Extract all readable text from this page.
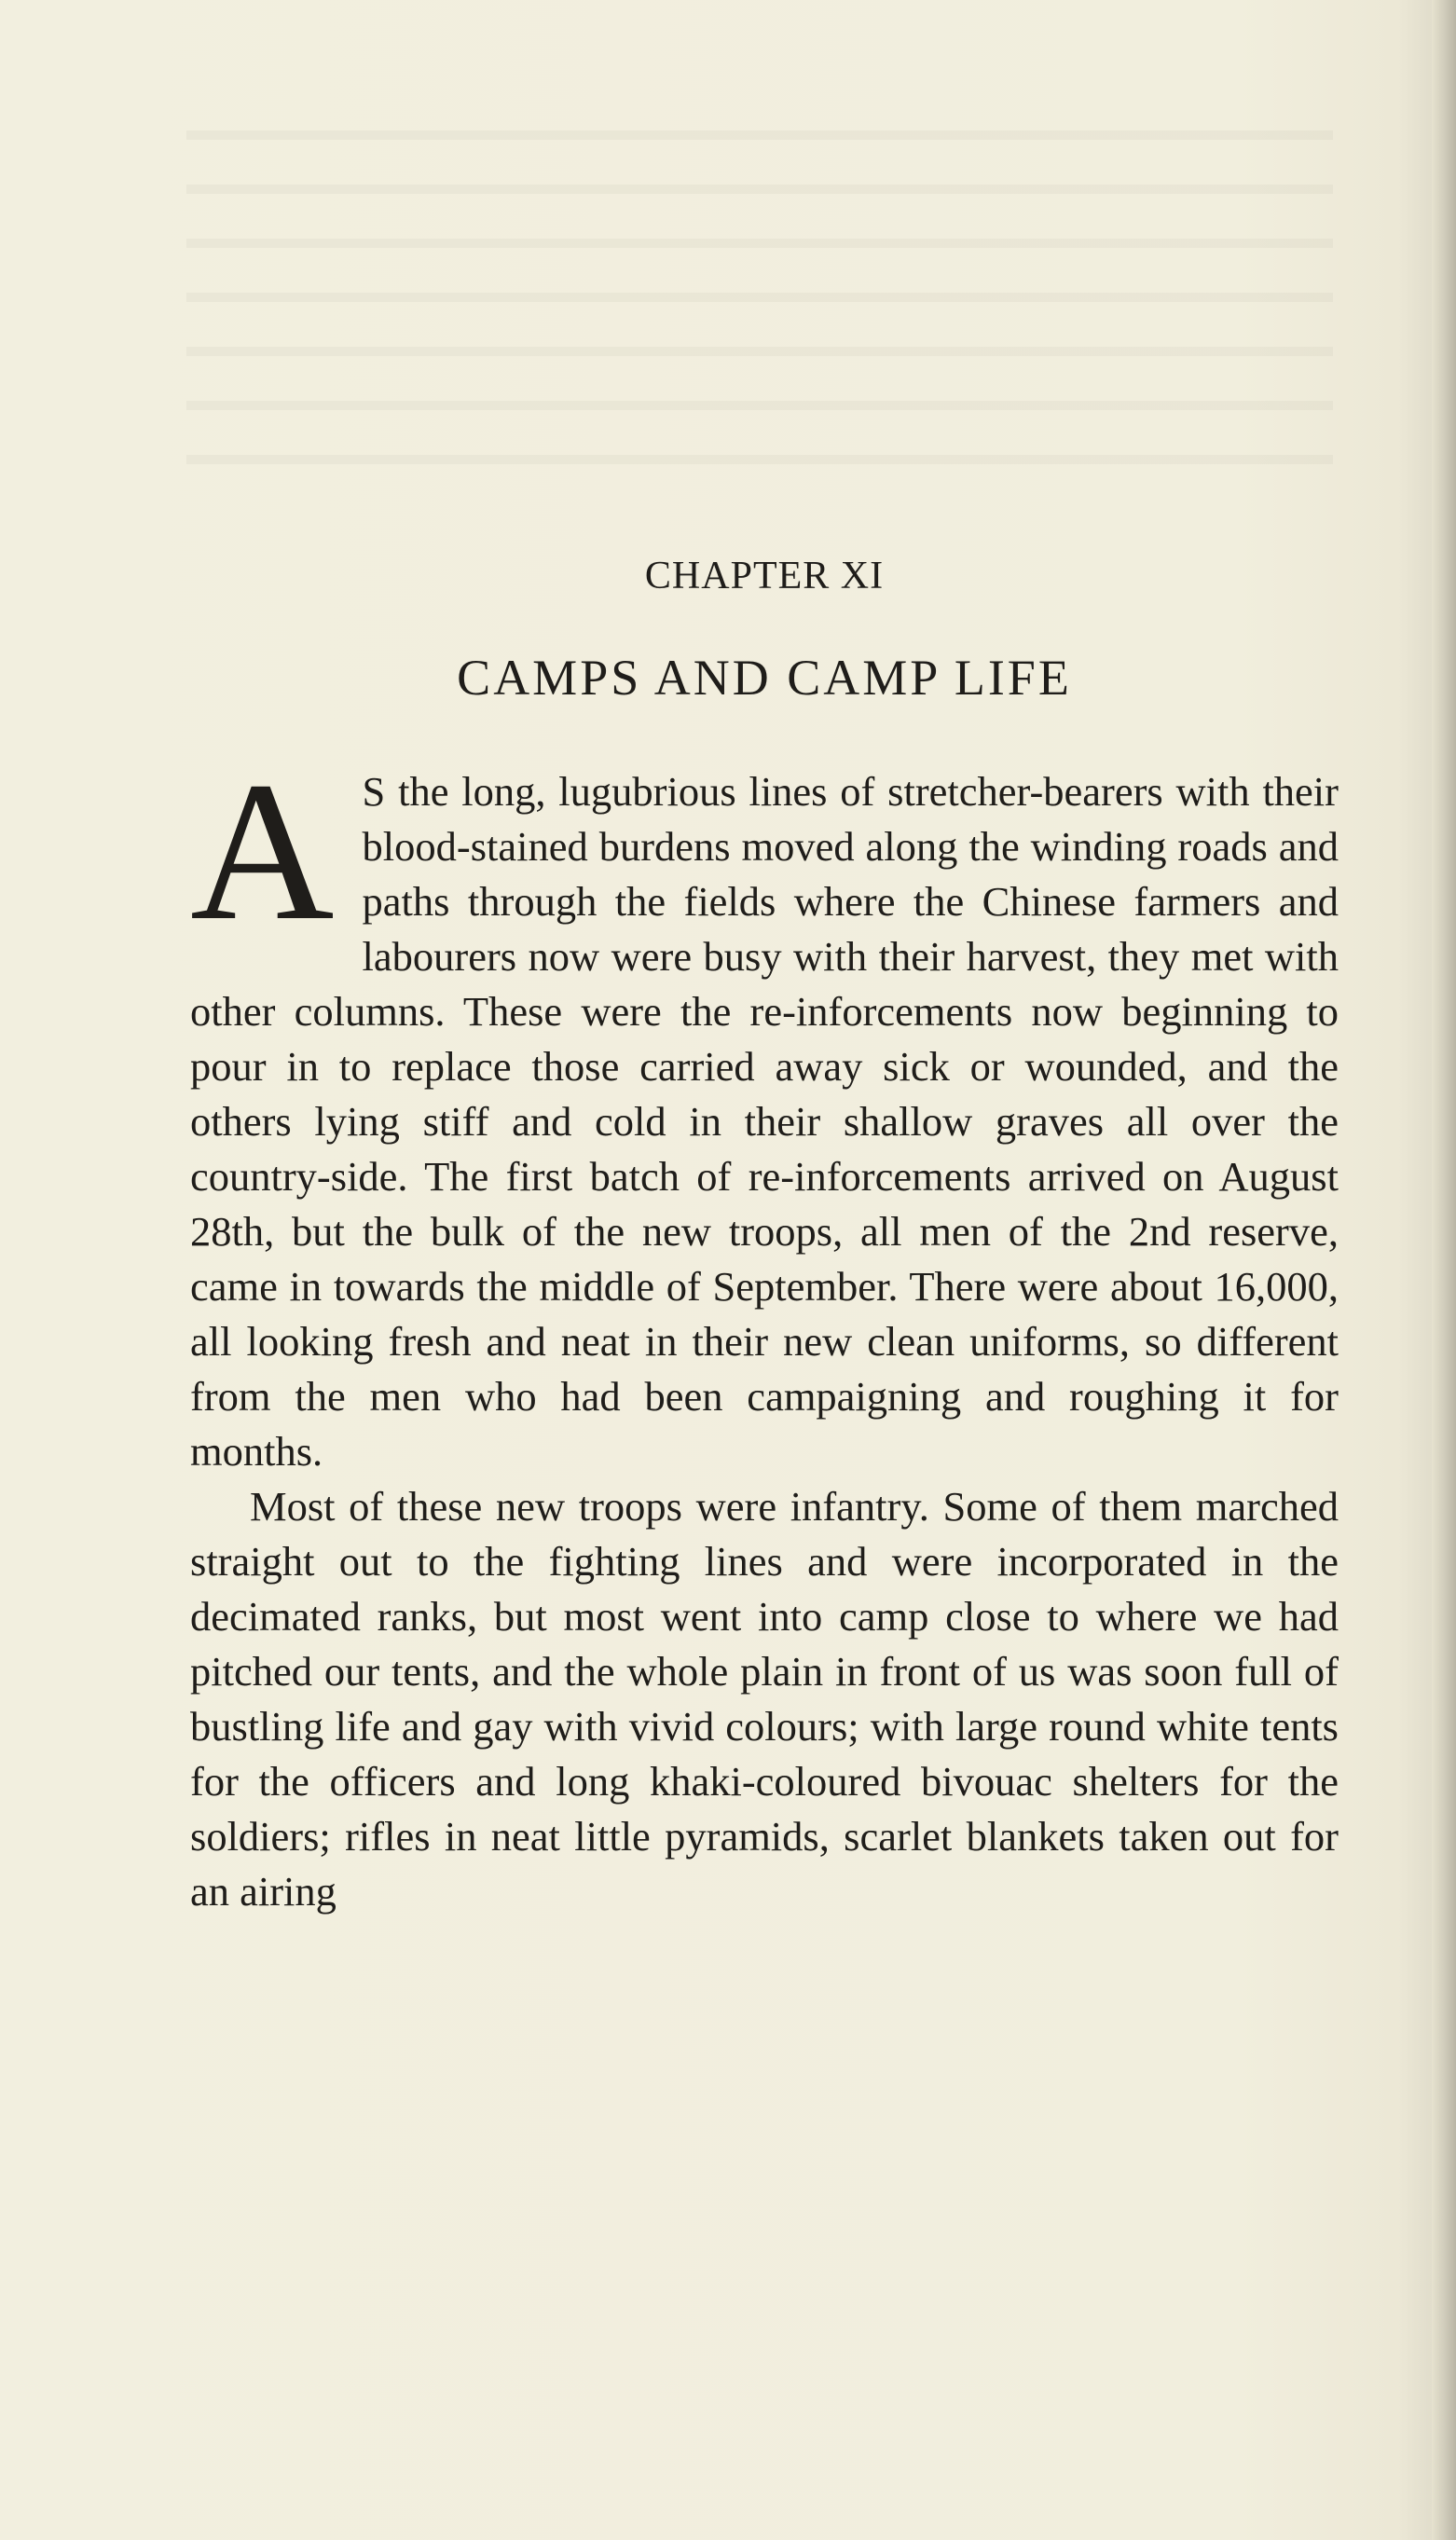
CHAPTER XI
CAMPS AND CAMP LIFE

A S the long, lugubrious lines of stretcher-bearers with their blood-stained burdens moved along the winding roads and paths through the fields where the Chinese farmers and labourers now were busy with their harvest, they met with other columns. These were the re-inforcements now beginning to pour in to replace those carried away sick or wounded, and the others lying stiff and cold in their shallow graves all over the country-side. The first batch of re-inforcements arrived on August 28th, but the bulk of the new troops, all men of the 2nd reserve, came in towards the middle of September. There were about 16,000, all looking fresh and neat in their new clean uniforms, so different from the men who had been campaigning and roughing it for months.

Most of these new troops were infantry. Some of them marched straight out to the fighting lines and were incorporated in the decimated ranks, but most went into camp close to where we had pitched our tents, and the whole plain in front of us was soon full of bustling life and gay with vivid colours; with large round white tents for the officers and long khaki-coloured bivouac shelters for the soldiers; rifles in neat little pyramids, scarlet blankets taken out for an airing
